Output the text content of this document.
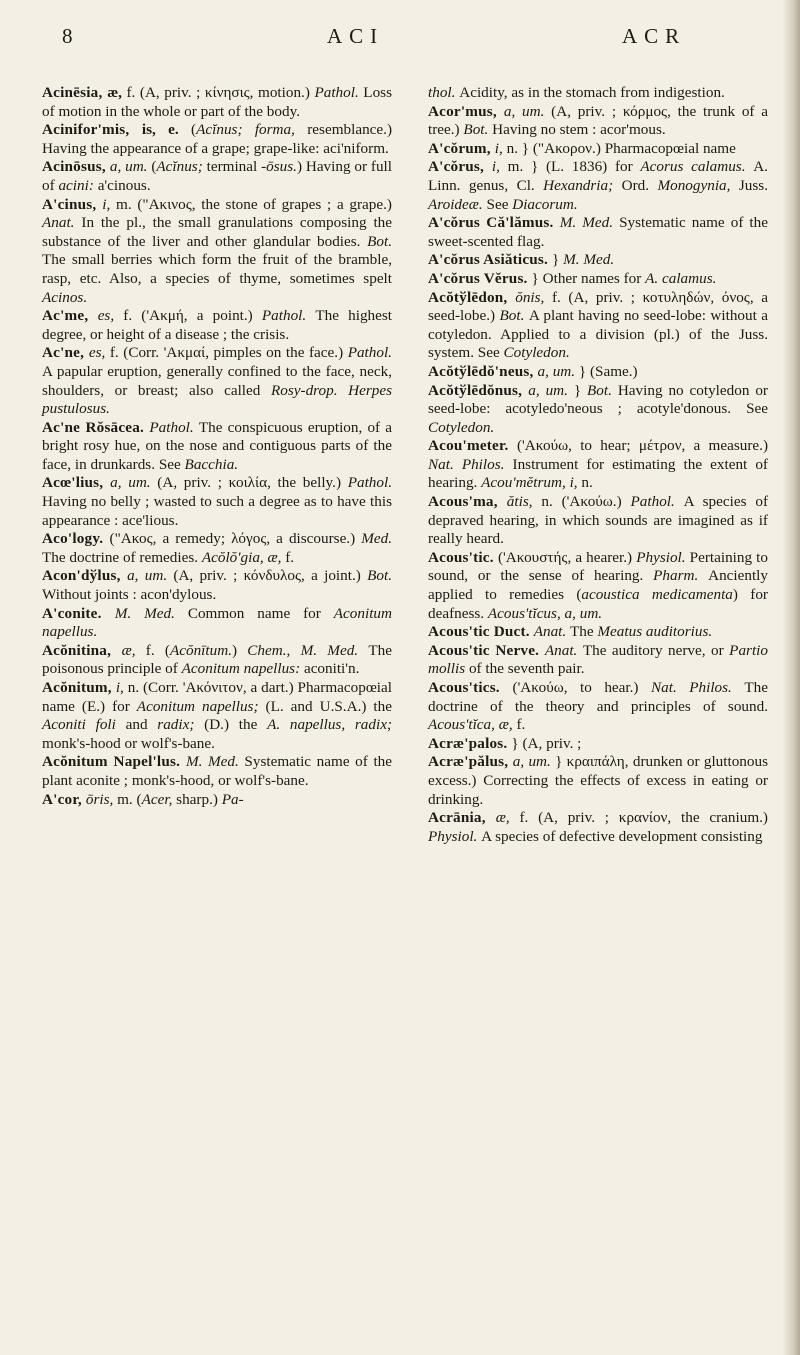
8	ACI	ACR

Acinēsia, æ, f. (A, priv. ; κίνησις, motion.) Pathol. Loss of motion in the whole or part of the body.

Acinifor'mis, is, e. (Acĭnus; forma, resemblance.) Having the appearance of a grape; grape-like: aci'niform.

Acinōsus, a, um. (Acĭnus; terminal -ōsus.) Having or full of acini: a'cinous.

A'cinus, i, m. ("Ακινος, the stone of grapes ; a grape.) Anat. In the pl., the small granulations composing the substance of the liver and other glandular bodies. Bot. The small berries which form the fruit of the bramble, rasp, etc. Also, a species of thyme, sometimes spelt Acinos.

Ac'me, es, f. ('Ακμή, a point.) Pathol. The highest degree, or height of a disease ; the crisis.

Ac'ne, es, f. (Corr. 'Ακμαί, pimples on the face.) Pathol. A papular eruption, generally confined to the face, neck, shoulders, or breast; also called Rosy-drop. Herpes pustulosus.

Ac'ne Rŏsācea. Pathol. The conspicuous eruption, of a bright rosy hue, on the nose and contiguous parts of the face, in drunkards. See Bacchia.

Acœ'lius, a, um. (A, priv. ; κοιλία, the belly.) Pathol. Having no belly ; wasted to such a degree as to have this appearance : ace'lious.

Aco'logy. ("Ακος, a remedy; λόγος, a discourse.) Med. The doctrine of remedies. Acŏlŏ'gia, æ, f.

Acon'dўlus, a, um. (A, priv. ; κόνδυλος, a joint.) Bot. Without joints : acon'dylous.

A'conite. M. Med. Common name for Aconitum napellus.

Acŏnitina, æ, f. (Acŏnītum.) Chem., M. Med. The poisonous principle of Aconitum napellus: aconiti'n.

Acŏnitum, i, n. (Corr. 'Ακόνιτον, a dart.) Pharmacopœial name (E.) for Aconitum napellus; (L. and U.S.A.) the Aconiti foli and radix; (D.) the A. napellus, radix; monk's-hood or wolf's-bane.

Acŏnitum Napel'lus. M. Med. Systematic name of the plant aconite ; monk's-hood, or wolf's-bane.

A'cor, ōris, m. (Acer, sharp.) Pa-

thol. Acidity, as in the stomach from indigestion.

Acor'mus, a, um. (A, priv. ; κόρμος, the trunk of a tree.) Bot. Having no stem : acor'mous.

A'cŏrum, i, n. } ("Ακορον.) Pharmacopœial name

A'cŏrus, i, m. } (L. 1836) for Acorus calamus. A. Linn. genus, Cl. Hexandria; Ord. Monogynia, Juss. Aroideæ. See Diacorum.

A'cŏrus Că'lămus. M. Med. Systematic name of the sweet-scented flag.

A'cŏrus Asiăticus. } M. Med.

A'cŏrus Vĕrus. } Other names for A. calamus.

Acŏtўlēdon, ŏnis, f. (A, priv. ; κοτυληδών, όνος, a seed-lobe.) Bot. A plant having no seed-lobe: without a cotyledon. Applied to a division (pl.) of the Juss. system. See Cotyledon.

Acŏtўlēdŏ'neus, a, um. } (Same.)

Acŏtўlēdŏnus, a, um. } Bot. Having no cotyledon or seed-lobe: acotyledo'neous ; acotyle'donous. See Cotyledon.

Acou'meter. ('Ακούω, to hear; μέτρον, a measure.) Nat. Philos. Instrument for estimating the extent of hearing. Acou'mĕtrum, i, n.

Acous'ma, ătis, n. ('Ακούω.) Pathol. A species of depraved hearing, in which sounds are imagined as if really heard.

Acous'tic. ('Ακουστής, a hearer.) Physiol. Pertaining to sound, or the sense of hearing. Pharm. Anciently applied to remedies (acoustica medicamenta) for deafness. Acous'tĭcus, a, um.

Acous'tic Duct. Anat. The Meatus auditorius.

Acous'tic Nerve. Anat. The auditory nerve, or Partio mollis of the seventh pair.

Acous'tics. ('Ακούω, to hear.) Nat. Philos. The doctrine of the theory and principles of sound. Acous'tĭca, æ, f.

Acræ'palos. } (A, priv. ;

Acræ'pălus, a, um. } κραιπάλη, drunken or gluttonous excess.) Correcting the effects of excess in eating or drinking.

Acrānia, æ, f. (A, priv. ; κρανίον, the cranium.) Physiol. A species of defective development consisting
